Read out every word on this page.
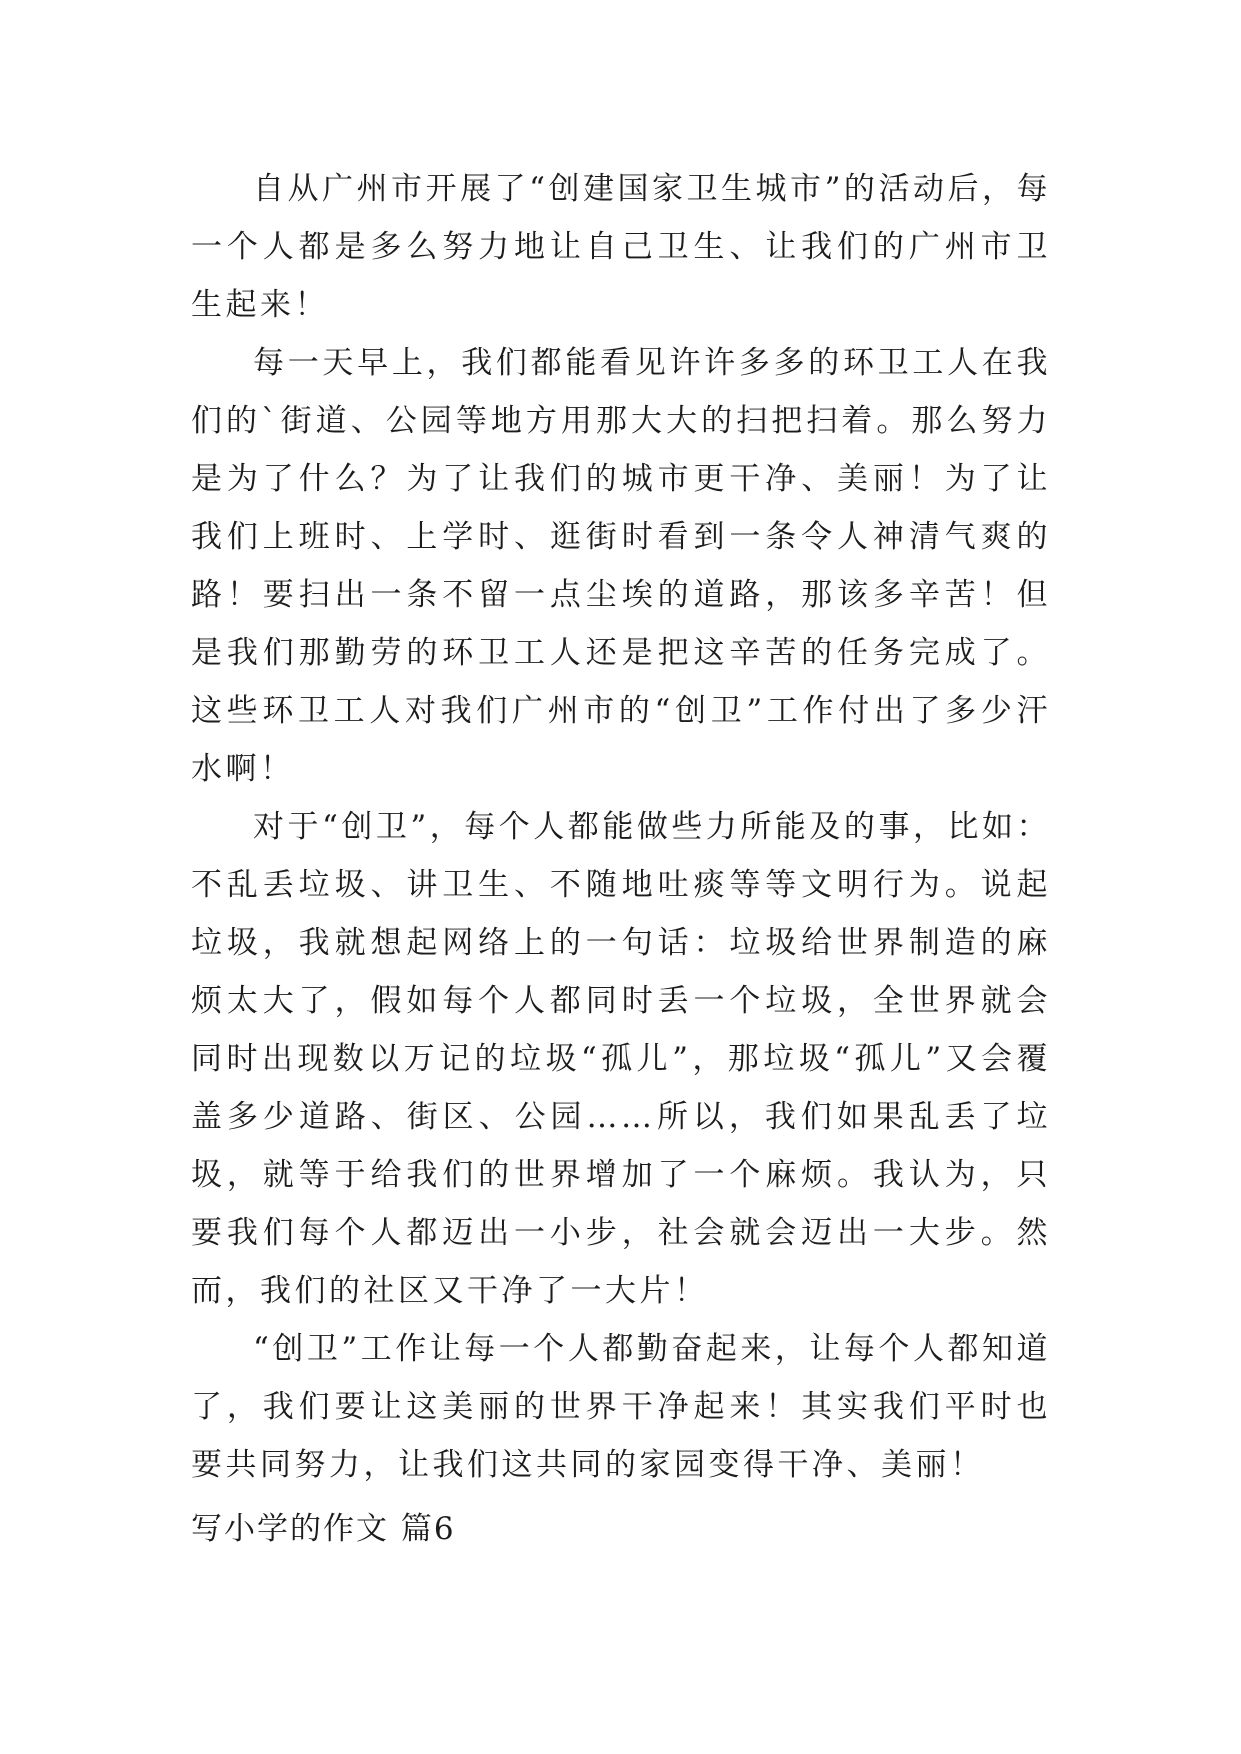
自从广州市开展了“创建国家卫生城市”的活动后，每一个人都是多么努力地让自己卫生、让我们的广州市卫生起来！

每一天早上，我们都能看见许许多多的环卫工人在我们的`街道、公园等地方用那大大的扫把扫着。那么努力是为了什么？为了让我们的城市更干净、美丽！为了让我们上班时、上学时、逛街时看到一条令人神清气爽的路！要扫出一条不留一点尘埃的道路，那该多辛苦！但是我们那勤劳的环卫工人还是把这辛苦的任务完成了。这些环卫工人对我们广州市的“创卫”工作付出了多少汗水啊！

对于“创卫”，每个人都能做些力所能及的事，比如：不乱丢垃圾、讲卫生、不随地吐痰等等文明行为。说起垃圾，我就想起网络上的一句话：垃圾给世界制造的麻烦太大了，假如每个人都同时丢一个垃圾，全世界就会同时出现数以万记的垃圾“孤儿”，那垃圾“孤儿”又会覆盖多少道路、街区、公园……所以，我们如果乱丢了垃圾，就等于给我们的世界增加了一个麻烦。我认为，只要我们每个人都迈出一小步，社会就会迈出一大步。然而，我们的社区又干净了一大片！

“创卫”工作让每一个人都勤奋起来，让每个人都知道了，我们要让这美丽的世界干净起来！其实我们平时也要共同努力，让我们这共同的家园变得干净、美丽！

写小学的作文 篇6
